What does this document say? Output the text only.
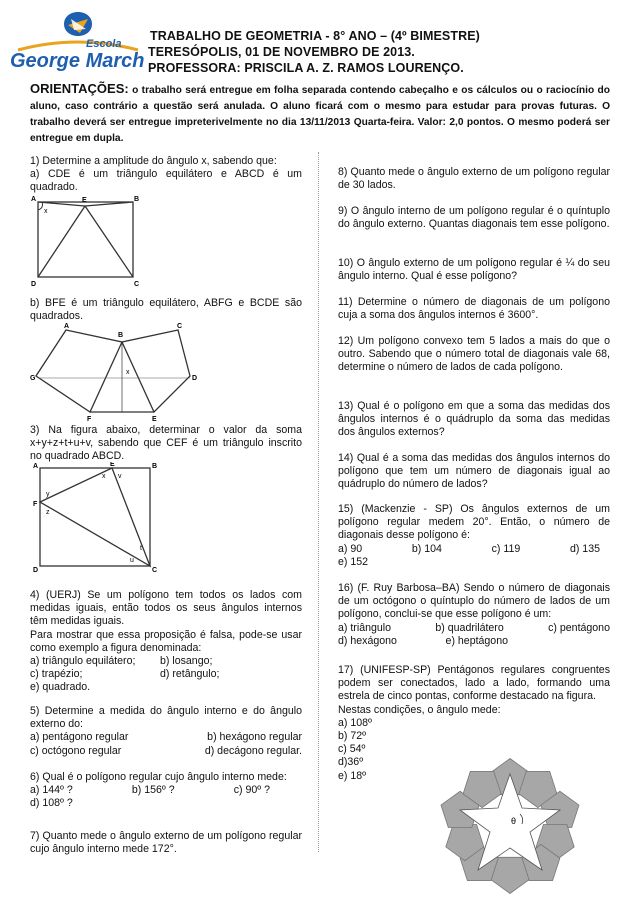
Escola
George March
TRABALHO DE GEOMETRIA - 8° ANO – (4º BIMESTRE)
TERESÓPOLIS, 01 DE NOVEMBRO DE 2013.
PROFESSORA: PRISCILA A. Z. RAMOS LOURENÇO.
ORIENTAÇÕES: o trabalho será entregue em folha separada contendo cabeçalho e os cálculos ou o raciocínio do aluno, caso contrário a questão será anulada. O aluno ficará com o mesmo para estudar para provas futuras. O trabalho deverá ser entregue impreterivelmente no dia 13/11/2013 Quarta-feira. Valor: 2,0 pontos. O mesmo poderá ser entregue em dupla.
1) Determine a amplitude do ângulo x, sabendo que:
a) CDE é um triângulo equilátero e ABCD é um quadrado.
A	B
C
D
E
x
b) BFE é um triângulo equilátero, ABFG e BCDE são quadrados.
A
B
C
D
E
F
G
x
3) Na figura abaixo, determinar o valor da soma x+y+z+t+u+v, sabendo que CEF é um triângulo inscrito no quadrado ABCD.
A	B
C
D
E
F
x
y
z
t
u
v
4) (UERJ) Se um polígono tem todos os lados com medidas iguais, então todos os seus ângulos internos têm medidas iguais.
Para mostrar que essa proposição é falsa, pode-se usar como exemplo a figura denominada:
a) triângulo equilátero; b) losango;
c) trapézio;	d) retângulo;
e) quadrado.
5) Determine a medida do ângulo interno e do ângulo externo do:
a) pentágono regular	b) hexágono regular
c) octógono regular	d) decágono regular.
6) Qual é o polígono regular cujo ângulo interno mede:
a) 144º ?	b) 156º ?	c) 90º ?
d) 108º ?
7) Quanto mede o ângulo externo de um polígono regular cujo ângulo interno mede 172°.
8) Quanto mede o ângulo externo de um polígono regular de 30 lados.
9) O ângulo interno de um polígono regular é o quíntuplo do ângulo externo. Quantas diagonais tem esse polígono.
10) O ângulo externo de um polígono regular é ¼ do seu ângulo interno. Qual é esse polígono?
11) Determine o número de diagonais de um polígono cuja a soma dos ângulos internos é 3600°.
12) Um polígono convexo tem 5 lados a mais do que o outro. Sabendo que o número total de diagonais vale 68, determine o número de lados de cada polígono.
13) Qual é o polígono em que a soma das medidas dos ângulos internos é o quádruplo da soma das medidas dos ângulos externos?
14) Qual é a soma das medidas dos ângulos internos do polígono que tem um número de diagonais igual ao quádruplo do número de lados?
15) (Mackenzie - SP) Os ângulos externos de um polígono regular medem 20°. Então, o número de diagonais desse polígono é:
a) 90	b) 104	c) 119	d) 135
e) 152
16) (F. Ruy Barbosa–BA) Sendo o número de diagonais de um octógono o quíntuplo do número de lados de um polígono, conclui-se que esse polígono é um:
a) triângulo	b) quadrilátero	c) pentágono
d) hexágono	e) heptágono
17) (UNIFESP-SP) Pentágonos regulares congruentes podem ser conectados, lado a lado, formando uma estrela de cinco pontas, conforme destacado na figura.
Nestas condições, o ângulo mede:
a) 108º
b) 72º
c) 54º
d)36º
e) 18º
θ
